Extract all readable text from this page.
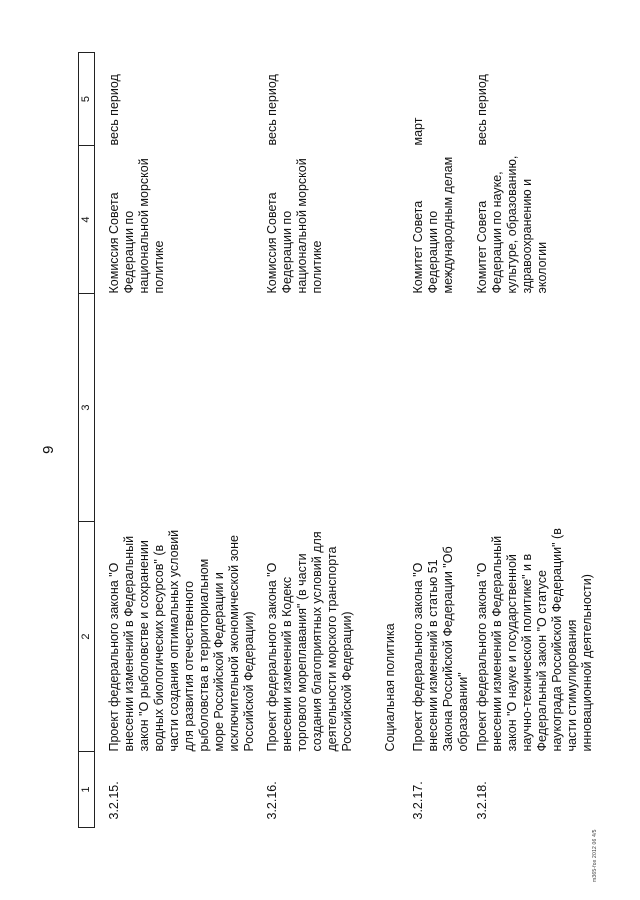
9
1	2	3	4	5
3.2.15.	Проект федерального закона "О внесении изменений в Федеральный закон "О рыболовстве и сохранении водных биологических ресурсов" (в части создания оптимальных условий для развития отечественного рыболовства в территориальном море Российской Федерации и исключительной экономической зоне Российской Федерации)		Комиссия Совета Федерации по национальной морской политике	весь период
3.2.16.	Проект федерального закона "О внесении изменений в Кодекс торгового мореплавания" (в части создания благоприятных условий для деятельности морского транспорта Российской Федерации)		Комиссия Совета Федерации по национальной морской политике	весь период
	Социальная политика			
3.2.17.	Проект федерального закона "О внесении изменений в статью 51 Закона Российской Федерации "Об образовании"		Комитет Совета Федерации по международным делам	март
3.2.18.	Проект федерального закона "О внесении изменений в Федеральный закон "О науке и государственной научно-технической политике" и в Федеральный закон "О статусе наукограда Российской Федерации" (в части стимулирования инновационной деятельности)		Комитет Совета Федерации по науке, культуре, образованию, здравоохранению и экологии	весь период
m365-fox 2012 06 4/5
